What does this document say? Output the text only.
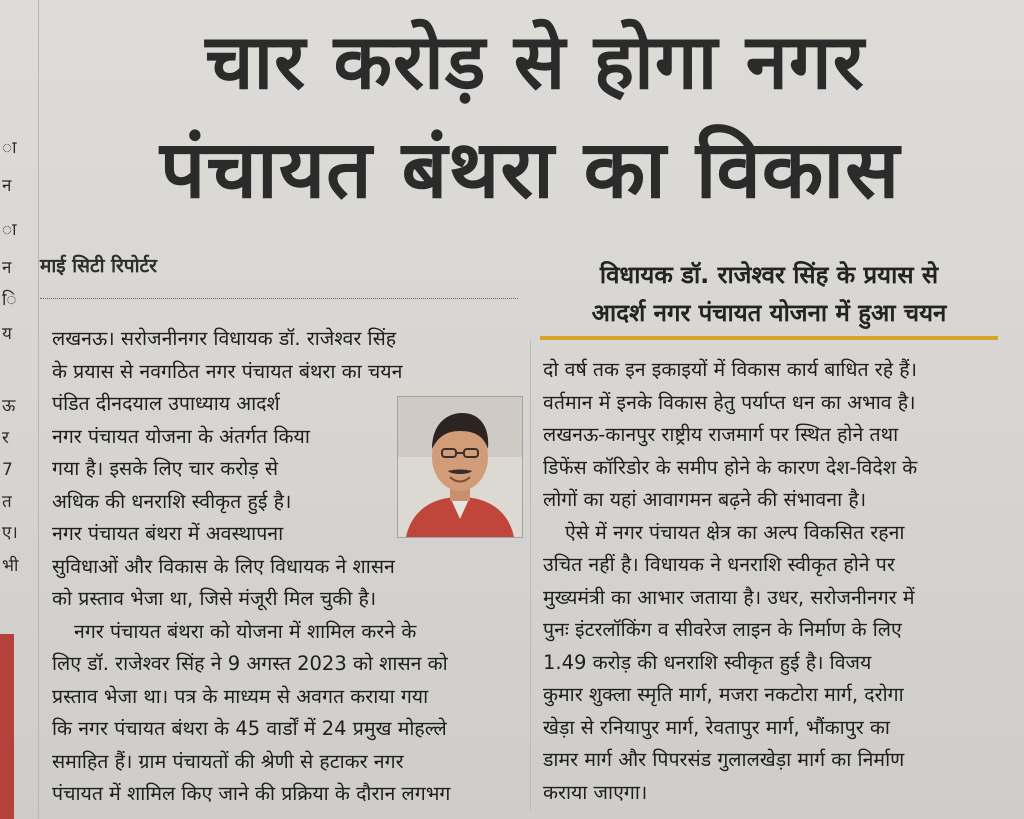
ा
न
ा
न
ि
य
ऊ
र
7
त
ए।
भी
चार करोड़ से होगा नगर
पंचायत बंथरा का विकास
माई सिटी रिपोर्टर	विधायक डॉ. राजेश्वर सिंह के प्रयास से
आदर्श नगर पंचायत योजना में हुआ चयन
लखनऊ। सरोजनीनगर विधायक डॉ. राजेश्वर सिंह
के प्रयास से नवगठित नगर पंचायत बंथरा का चयन
पंडित दीनदयाल उपाध्याय आदर्श
नगर पंचायत योजना के अंतर्गत किया
गया है। इसके लिए चार करोड़ से
अधिक की धनराशि स्वीकृत हुई है।
नगर पंचायत बंथरा में अवस्थापना
सुविधाओं और विकास के लिए विधायक ने शासन
को प्रस्ताव भेजा था, जिसे मंजूरी मिल चुकी है।
नगर पंचायत बंथरा को योजना में शामिल करने के
लिए डॉ. राजेश्वर सिंह ने 9 अगस्त 2023 को शासन को
प्रस्ताव भेजा था। पत्र के माध्यम से अवगत कराया गया
कि नगर पंचायत बंथरा के 45 वार्डों में 24 प्रमुख मोहल्ले
समाहित हैं। ग्राम पंचायतों की श्रेणी से हटाकर नगर
पंचायत में शामिल किए जाने की प्रक्रिया के दौरान लगभग
दो वर्ष तक इन इकाइयों में विकास कार्य बाधित रहे हैं।
वर्तमान में इनके विकास हेतु पर्याप्त धन का अभाव है।
लखनऊ-कानपुर राष्ट्रीय राजमार्ग पर स्थित होने तथा
डिफेंस कॉरिडोर के समीप होने के कारण देश-विदेश के
लोगों का यहां आवागमन बढ़ने की संभावना है।
ऐसे में नगर पंचायत क्षेत्र का अल्प विकसित रहना
उचित नहीं है। विधायक ने धनराशि स्वीकृत होने पर
मुख्यमंत्री का आभार जताया है। उधर, सरोजनीनगर में
पुनः इंटरलॉकिंग व सीवरेज लाइन के निर्माण के लिए
1.49 करोड़ की धनराशि स्वीकृत हुई है। विजय
कुमार शुक्ला स्मृति मार्ग, मजरा नकटोरा मार्ग, दरोगा
खेड़ा से रनियापुर मार्ग, रेवतापुर मार्ग, भौंकापुर का
डामर मार्ग और पिपरसंड गुलालखेड़ा मार्ग का निर्माण
कराया जाएगा।
